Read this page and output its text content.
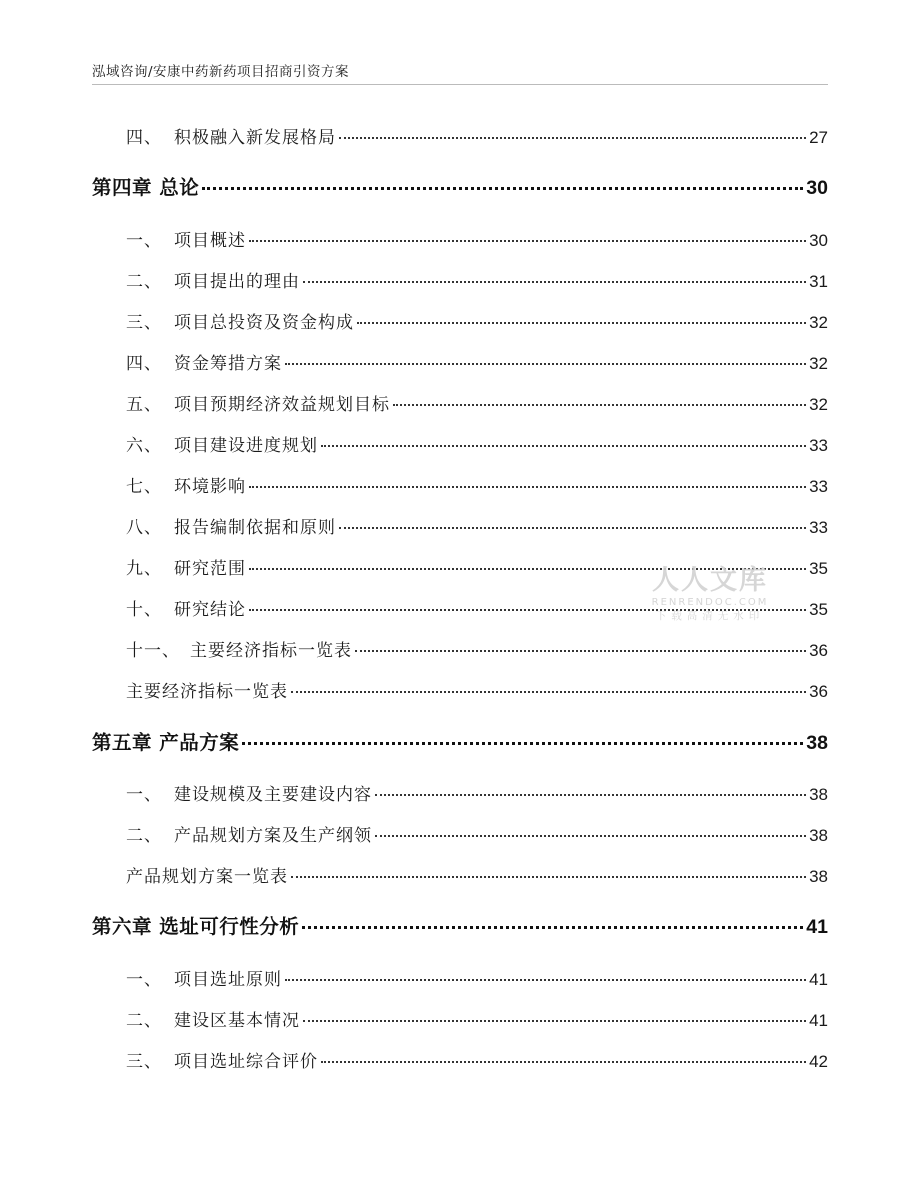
泓域咨询/安康中药新药项目招商引资方案
四、 积极融入新发展格局	27
第四章 总论	30
一、 项目概述	30
二、 项目提出的理由	31
三、 项目总投资及资金构成	32
四、 资金筹措方案	32
五、 项目预期经济效益规划目标	32
六、 项目建设进度规划	33
七、 环境影响	33
八、 报告编制依据和原则	33
九、 研究范围	35
十、 研究结论	35
十一、 主要经济指标一览表	36
主要经济指标一览表	36
第五章 产品方案	38
一、 建设规模及主要建设内容	38
二、 产品规划方案及生产纲领	38
产品规划方案一览表	38
第六章 选址可行性分析	41
一、 项目选址原则	41
二、 建设区基本情况	41
三、 项目选址综合评价	42
人人文库
RENRENDOC.COM
下载高清无水印
